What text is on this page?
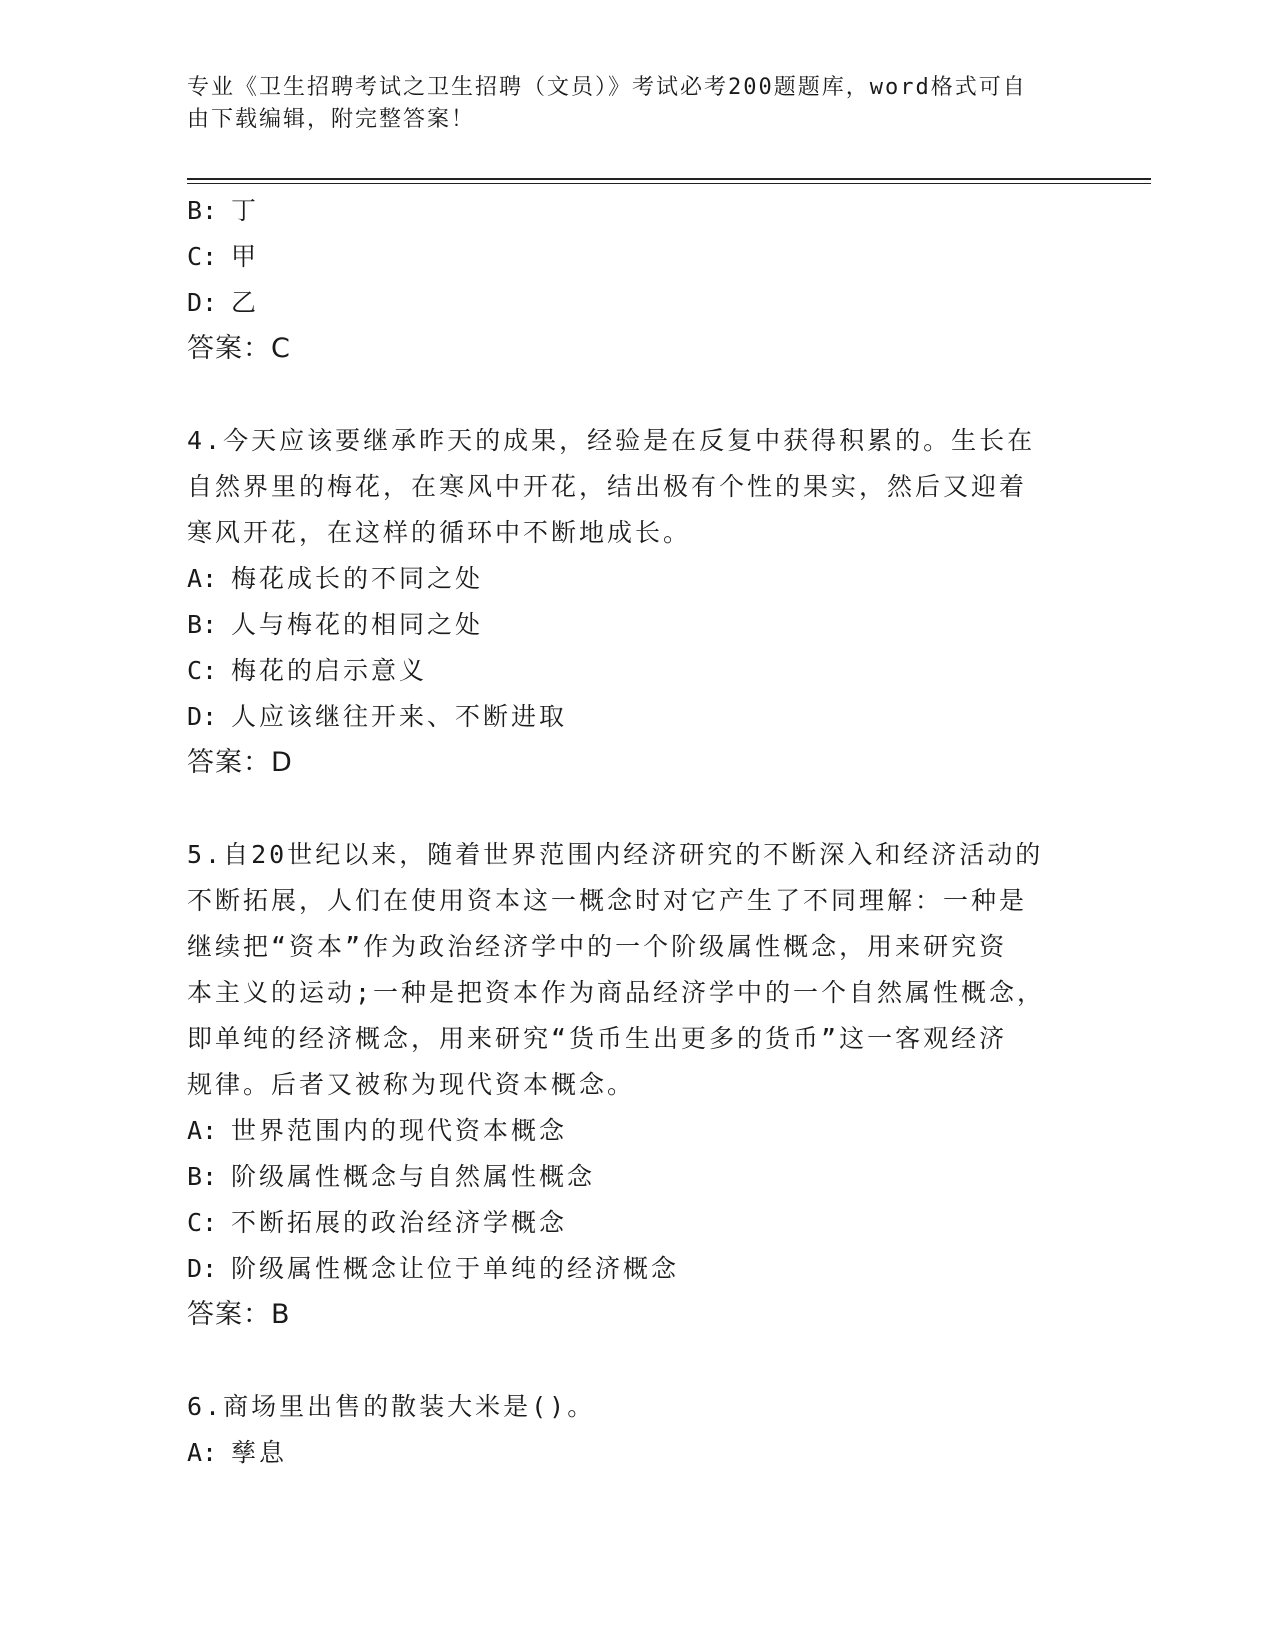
专业《卫生招聘考试之卫生招聘（文员）》考试必考200题题库，word格式可自
由下载编辑，附完整答案！
B: 丁
C: 甲
D: 乙
答案：C
4.今天应该要继承昨天的成果，经验是在反复中获得积累的。生长在
自然界里的梅花，在寒风中开花，结出极有个性的果实，然后又迎着
寒风开花，在这样的循环中不断地成长。
A: 梅花成长的不同之处
B: 人与梅花的相同之处
C: 梅花的启示意义
D: 人应该继往开来、不断进取
答案：D
5.自20世纪以来，随着世界范围内经济研究的不断深入和经济活动的
不断拓展，人们在使用资本这一概念时对它产生了不同理解：一种是
继续把“资本”作为政治经济学中的一个阶级属性概念，用来研究资
本主义的运动;一种是把资本作为商品经济学中的一个自然属性概念，
即单纯的经济概念，用来研究“货币生出更多的货币”这一客观经济
规律。后者又被称为现代资本概念。
A: 世界范围内的现代资本概念
B: 阶级属性概念与自然属性概念
C: 不断拓展的政治经济学概念
D: 阶级属性概念让位于单纯的经济概念
答案：B
6.商场里出售的散装大米是()。
A: 孳息
